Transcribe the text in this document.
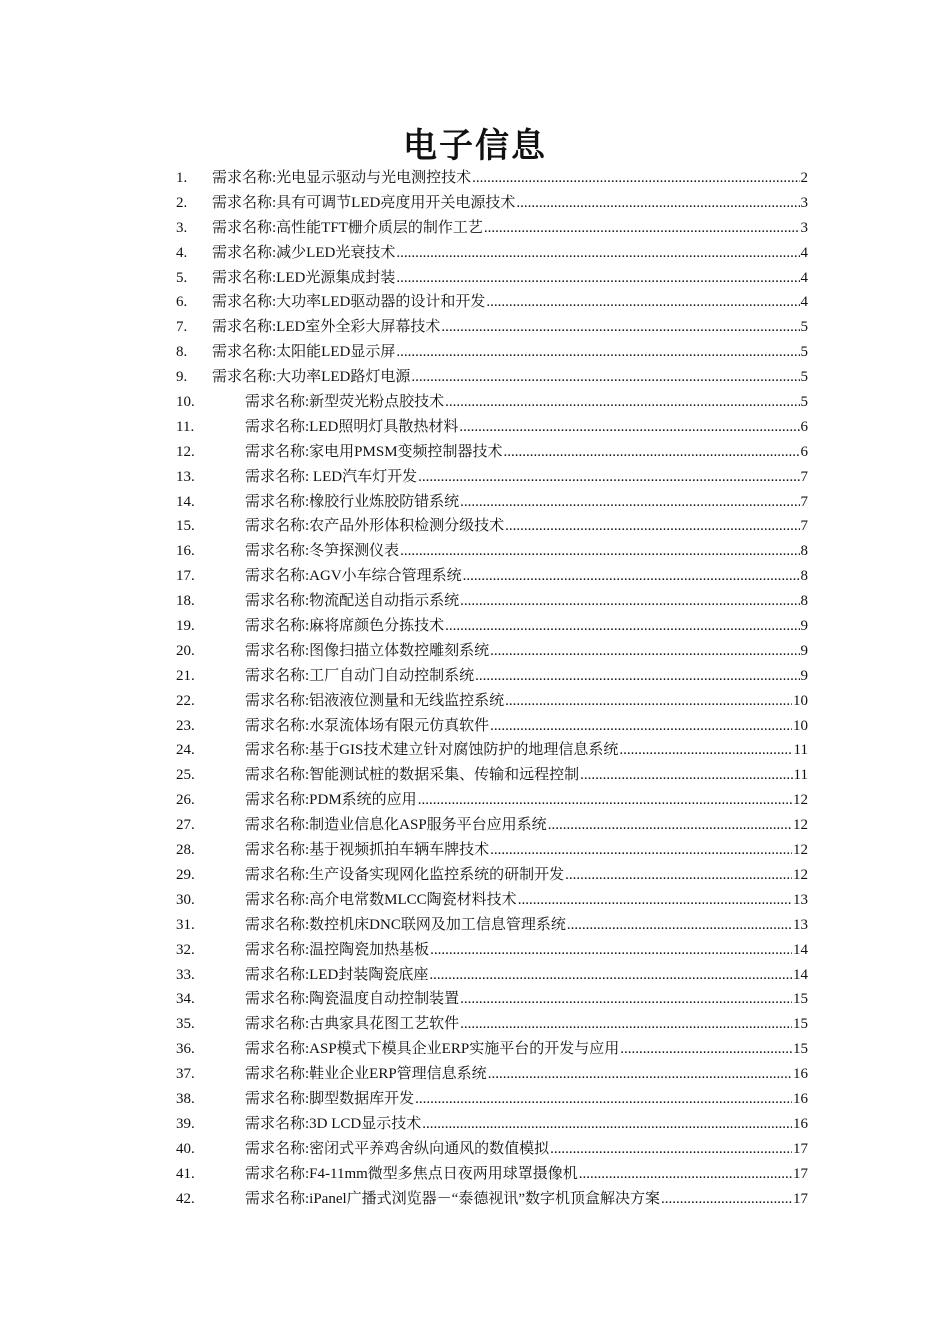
电子信息
1.	需求名称:光电显示驱动与光电测控技术 .....	2
2.	需求名称:具有可调节LED亮度用开关电源技术 .....	3
3.	需求名称:高性能TFT栅介质层的制作工艺 .....	3
4.	需求名称:减少LED光衰技术 .....	4
5.	需求名称:LED光源集成封装 .....	4
6.	需求名称:大功率LED驱动器的设计和开发 .....	4
7.	需求名称:LED室外全彩大屏幕技术 .....	5
8.	需求名称:太阳能LED显示屏 .....	5
9.	需求名称:大功率LED路灯电源 .....	5
10.	需求名称:新型荧光粉点胶技术 .....	5
11.	需求名称:LED照明灯具散热材料 .....	6
12.	需求名称:家电用PMSM变频控制器技术 .....	6
13.	需求名称: LED汽车灯开发 .....	7
14.	需求名称:橡胶行业炼胶防错系统 .....	7
15.	需求名称:农产品外形体积检测分级技术 .....	7
16.	需求名称:冬笋探测仪表 .....	8
17.	需求名称:AGV小车综合管理系统 .....	8
18.	需求名称:物流配送自动指示系统 .....	8
19.	需求名称:麻将席颜色分拣技术 .....	9
20.	需求名称:图像扫描立体数控雕刻系统 .....	9
21.	需求名称:工厂自动门自动控制系统 .....	9
22.	需求名称:铝液液位测量和无线监控系统 .....	10
23.	需求名称:水泵流体场有限元仿真软件 .....	10
24.	需求名称:基于GIS技术建立针对腐蚀防护的地理信息系统 .....	11
25.	需求名称:智能测试桩的数据采集、传输和远程控制 .....	11
26.	需求名称:PDM系统的应用 .....	12
27.	需求名称:制造业信息化ASP服务平台应用系统 .....	12
28.	需求名称:基于视频抓拍车辆车牌技术 .....	12
29.	需求名称:生产设备实现网化监控系统的研制开发 .....	12
30.	需求名称:高介电常数MLCC陶瓷材料技术 .....	13
31.	需求名称:数控机床DNC联网及加工信息管理系统 .....	13
32.	需求名称:温控陶瓷加热基板 .....	14
33.	需求名称:LED封装陶瓷底座 .....	14
34.	需求名称:陶瓷温度自动控制装置 .....	15
35.	需求名称:古典家具花图工艺软件 .....	15
36.	需求名称:ASP模式下模具企业ERP实施平台的开发与应用 .....	15
37.	需求名称:鞋业企业ERP管理信息系统 .....	16
38.	需求名称:脚型数据库开发 .....	16
39.	需求名称:3D LCD显示技术 .....	16
40.	需求名称:密闭式平养鸡舍纵向通风的数值模拟 .....	17
41.	需求名称:F4-11mm微型多焦点日夜两用球罩摄像机 .....	17
42.	需求名称:iPanel广播式浏览器－“泰德视讯”数字机顶盒解决方案 .....	17
